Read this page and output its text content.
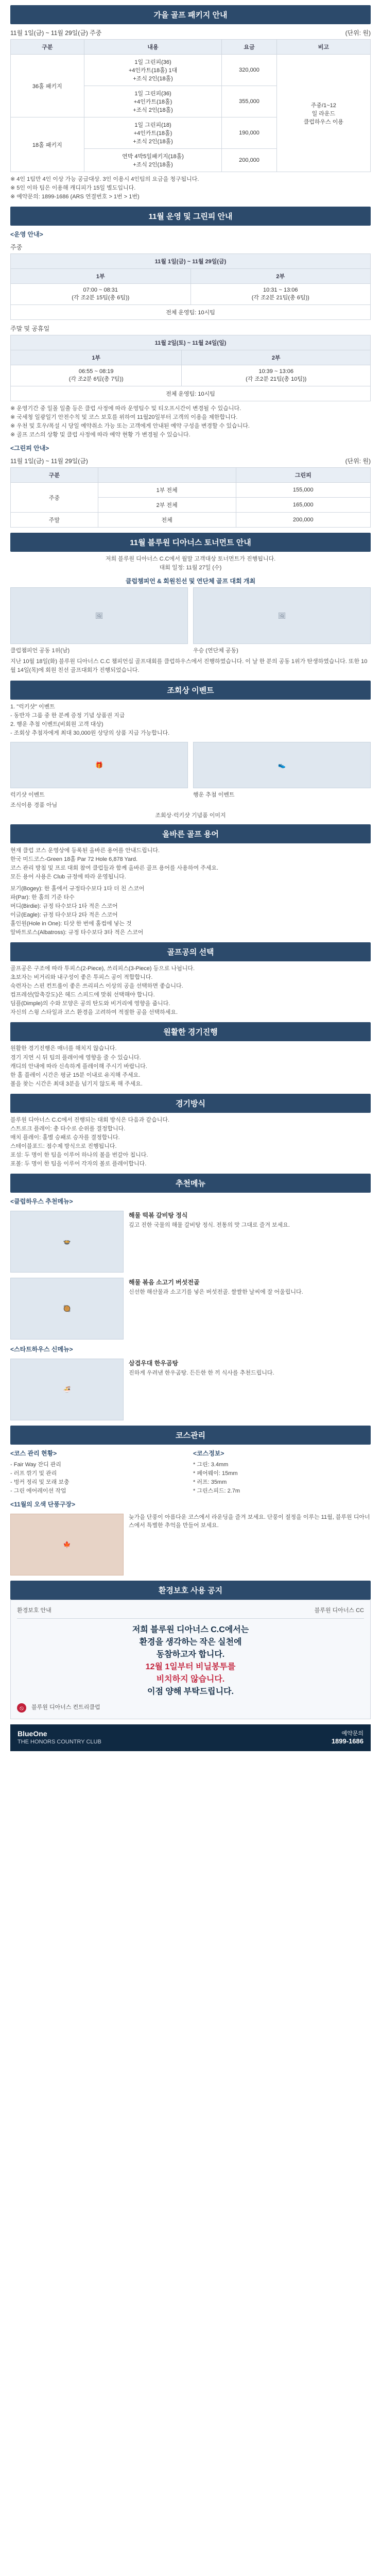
가을 골프 패키지 안내
11월 1일(금) ~ 11월 29일(금) 주중	(단위: 원)
구분	내용	요금	비고
36홀 패키지	1일 그린피(36)
+4인카트(18홀) 1대
+조식 2인(18홀)	320,000	주중/1~12
일 라운드
클럽하우스 이용
	1일 그린피(36)
+4인카트(18홀)
+조식 2인(18홀)	355,000	
18홀 패키지	1일 그린피(18)
+4인카트(18홀)
+조식 2인(18홀)	190,000	
	연박 4박5일패키지(18홀)
+조식 2인(18홀)	200,000	
※ 4인 1팀만 4인 이상 가능 공급대상. 3인 이용시 4인팀의 요금을 청구됩니다.
※ 5인 이하 팀은 이용해 캐디피가 15일 별도입니다.
※ 예약문의: 1899-1686 (ARS 연결번호 > 1번 > 1번)
11월 운영 및 그린피 안내
<운영 안내>
주중
11월 1일(금) ~ 11월 29일(금)	
1부	2부
07:00 ~ 08:31
(각 조2분 15팀(총 6팀))	10:31 ~ 13:06
(각 조2분 21팀(총 6팀))
전체 운영팀: 10시팀	
주말 및 공휴일
11월 2일(토) ~ 11월 24일(일)	
1부	2부
06:55 ~ 08:19
(각 조2분 6팀(총 7팀))	10:39 ~ 13:06
(각 조2분 21팀(총 10팀))
전체 운영팀: 10시팀	
※ 운영기간 중 일몰 일출 등은 클럽 사정에 따라 운영팀수 및 티오프시간이 변경될 수 있습니다.
※ 국세청 일광일기 안전수칙 및 코스 보호를 위하여 11월20일부터 고객의 이용을 제한합니다.
※ 우천 및 호우/폭설 시 당일 예약취소 가능 또는 고객에게 안내된 예약 구성을 변경할 수 있습니다.
※ 골프 코스의 상황 및 클럽 사정에 따라 예약 현황 가 변경될 수 있습니다.
<그린피 안내>
11월 1일(금) ~ 11월 29일(금)	(단위: 원)
구분		그린피
주중	1부 전체	155,000
	2부 전체	165,000
주말	전체	200,000
11월 블루원 디아너스 토너먼트 안내
저희 블루원 디아너스 C.C에서 월말 고객대상 토너먼트가 진행됩니다.
대회 일정: 11월 27일 (수)
클럽챔피언 & 회원친선 및 연단체 골프 대회 개최
🖼
클럽챔피언 공동 1위(남)
🖼
우승 (연단체 공동)
지난 10월 18일(화) 블루원 디아너스 C.C 챔피언십 골프대회를 클럽하우스에서 진행하였습니다. 이 날 한 분의 공동 1위가 탄생하였습니다. 또한 10월 14일(목)에 회원 친선 골프대회가 진행되었습니다.
조회상 이벤트
1. "럭키샷" 이벤트
- 동반자 그룹 중 한 분께 증정 기념 상품권 지급
2. 행운 추첨 이벤트(비회원 고객 대상)
- 조회상 추첨자에게 최대 30,000원 상당의 상품 지급 가능합니다.
🎁
럭키샷 이벤트
조식이용 경품 아님
👟
행운 추첨 이벤트
조회상·럭키샷 기념품 이미지
올바른 골프 용어
현재 클럽 코스 운영상에 등록된 올바른 용어를 안내드립니다.
한국 미드코스-Green 18홀 Par 72 Hole 6,878 Yard.
코스 관리 방침 및 프로 대회 참여 클럽들과 함께 올바른 골프 용어를 사용하여 주세요.
모든 용어 사용은 Club 규정에 따라 운영됩니다.
보기(Bogey): 한 홀에서 규정타수보다 1타 더 친 스코어
파(Par): 한 홀의 기준 타수
버디(Birdie): 규정 타수보다 1타 적은 스코어
이글(Eagle): 규정 타수보다 2타 적은 스코어
홀인원(Hole in One): 티샷 한 번에 홀컵에 넣는 것
알바트로스(Albatross): 규정 타수보다 3타 적은 스코어
골프공의 선택
골프공은 구조에 따라 투피스(2-Piece), 쓰리피스(3-Piece) 등으로 나뉩니다.
초보자는 비거리와 내구성이 좋은 투피스 공이 적합합니다.
숙련자는 스핀 컨트롤이 좋은 쓰리피스 이상의 공을 선택하면 좋습니다.
컴프레션(압축강도)은 헤드 스피드에 맞춰 선택해야 합니다.
딤플(Dimple)의 수와 모양은 공의 탄도와 비거리에 영향을 줍니다.
자신의 스윙 스타일과 코스 환경을 고려하여 적절한 공을 선택하세요.
원활한 경기진행
원활한 경기진행은 매너를 해치지 않습니다.
경기 지연 시 뒤 팀의 플레이에 영향을 줄 수 있습니다.
캐디의 안내에 따라 신속하게 플레이해 주시기 바랍니다.
한 홀 플레이 시간은 평균 15분 이내로 유지해 주세요.
볼을 찾는 시간은 최대 3분을 넘기지 않도록 해 주세요.
경기방식
블루원 디아너스 C.C에서 진행되는 대회 방식은 다음과 같습니다.
스트로크 플레이: 총 타수로 순위를 결정합니다.
매치 플레이: 홀별 승패로 승자를 결정합니다.
스테이블포드: 점수제 방식으로 진행됩니다.
포섬: 두 명이 한 팀을 이루어 하나의 볼을 번갈아 칩니다.
포볼: 두 명이 한 팀을 이루어 각자의 볼로 플레이합니다.
추천메뉴
<클럽하우스 추천메뉴>
🍲
해물 떡볶 갈비탕 정식
깊고 진한 국물의 해물 갈비탕 정식. 전통의 맛 그대로 즐겨 보세요.
🥘
해물 볶음 소고기 버섯전골
신선한 해산물과 소고기를 넣은 버섯전골. 쌀쌀한 날씨에 잘 어울립니다.
<스타트하우스 신메뉴>
🍜
삼겹우대 한우곰탕
진하게 우려낸 한우곰탕. 든든한 한 끼 식사를 추천드립니다.
코스관리
<코스 관리 현황>
- Fair Way 잔디 관리
- 러프 깎기 및 관리
- 벙커 정리 및 모래 보충
- 그린 에어레이션 작업
<코스정보>
* 그린: 3.4mm
* 페어웨이: 15mm
* 러프: 35mm
* 그린스피드: 2.7m
<11월의 오색 단풍구장>
🍁
늦가을 단풍이 아름다운 코스에서 라운딩을 즐겨 보세요. 단풍이 절정을 이루는 11월, 블루원 디아너스에서 특별한 추억을 만들어 보세요.
환경보호 사용 공지
환경보호 안내	블루원 디아너스 CC
저희 블루원 디아너스 C.C에서는
환경을 생각하는 작은 실천에
동참하고자 합니다.
12월 1일부터 비닐봉투를
비치하지 않습니다.
이점 양해 부탁드립니다.
⦸	블루원 디아너스 컨트리클럽
BlueOne
THE HONORS COUNTRY CLUB
예약문의
1899-1686
